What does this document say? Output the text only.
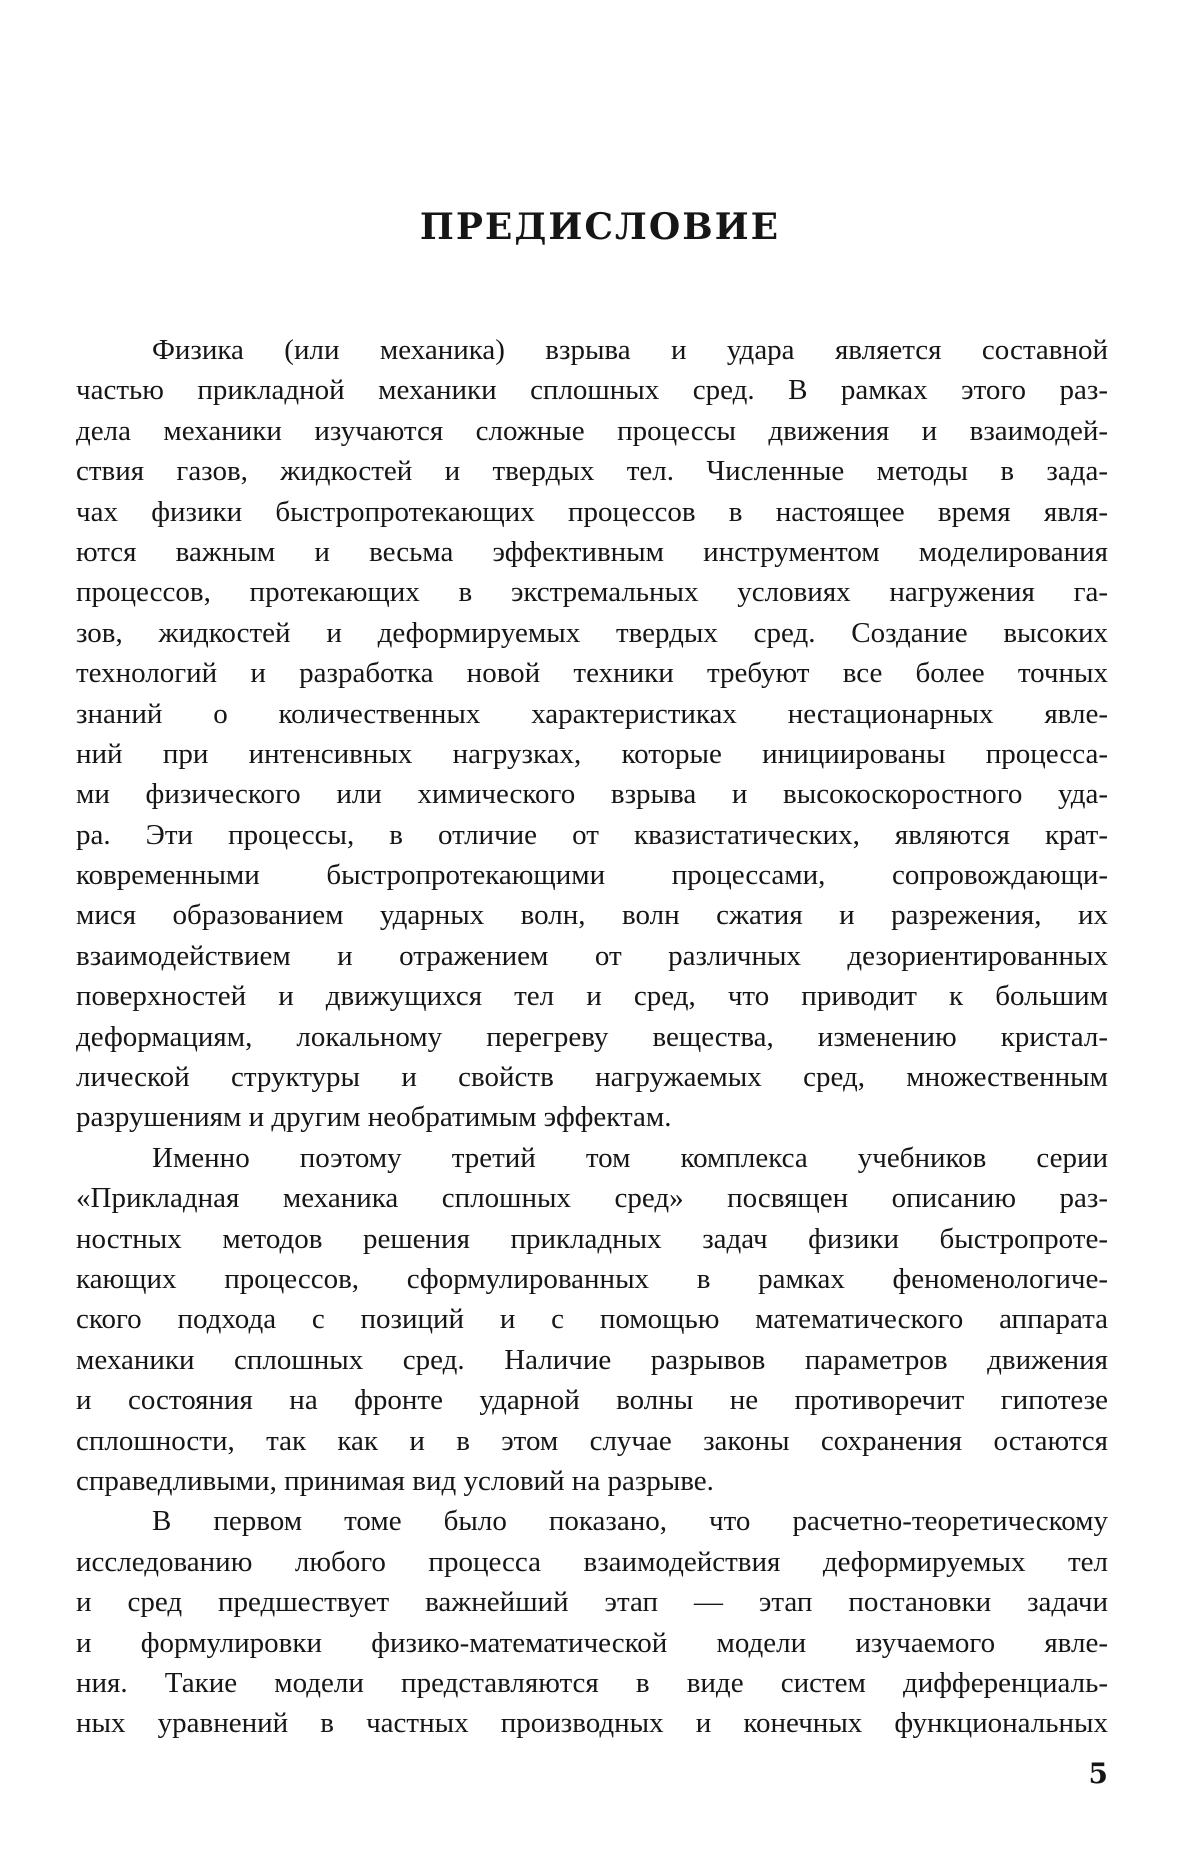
ПРЕДИСЛОВИЕ
Физика (или механика) взрыва и удара является составной
частью прикладной механики сплошных сред. В рамках этого раз-
дела механики изучаются сложные процессы движения и взаимодей-
ствия газов, жидкостей и твердых тел. Численные методы в зада-
чах физики быстропротекающих процессов в настоящее время явля-
ются важным и весьма эффективным инструментом моделирования
процессов, протекающих в экстремальных условиях нагружения га-
зов, жидкостей и деформируемых твердых сред. Создание высоких
технологий и разработка новой техники требуют все более точных
знаний о количественных характеристиках нестационарных явле-
ний при интенсивных нагрузках, которые инициированы процесса-
ми физического или химического взрыва и высокоскоростного уда-
ра. Эти процессы, в отличие от квазистатических, являются крат-
ковременными быстропротекающими процессами, сопровождающи-
мися образованием ударных волн, волн сжатия и разрежения, их
взаимодействием и отражением от различных дезориентированных
поверхностей и движущихся тел и сред, что приводит к большим
деформациям, локальному перегреву вещества, изменению кристал-
лической структуры и свойств нагружаемых сред, множественным
разрушениям и другим необратимым эффектам.
Именно поэтому третий том комплекса учебников серии
«Прикладная механика сплошных сред» посвящен описанию раз-
ностных методов решения прикладных задач физики быстропроте-
кающих процессов, сформулированных в рамках феноменологиче-
ского подхода с позиций и с помощью математического аппарата
механики сплошных сред. Наличие разрывов параметров движения
и состояния на фронте ударной волны не противоречит гипотезе
сплошности, так как и в этом случае законы сохранения остаются
справедливыми, принимая вид условий на разрыве.
В первом томе было показано, что расчетно-теоретическому
исследованию любого процесса взаимодействия деформируемых тел
и сред предшествует важнейший этап — этап постановки задачи
и формулировки физико-математической модели изучаемого явле-
ния. Такие модели представляются в виде систем дифференциаль-
ных уравнений в частных производных и конечных функциональных
5
